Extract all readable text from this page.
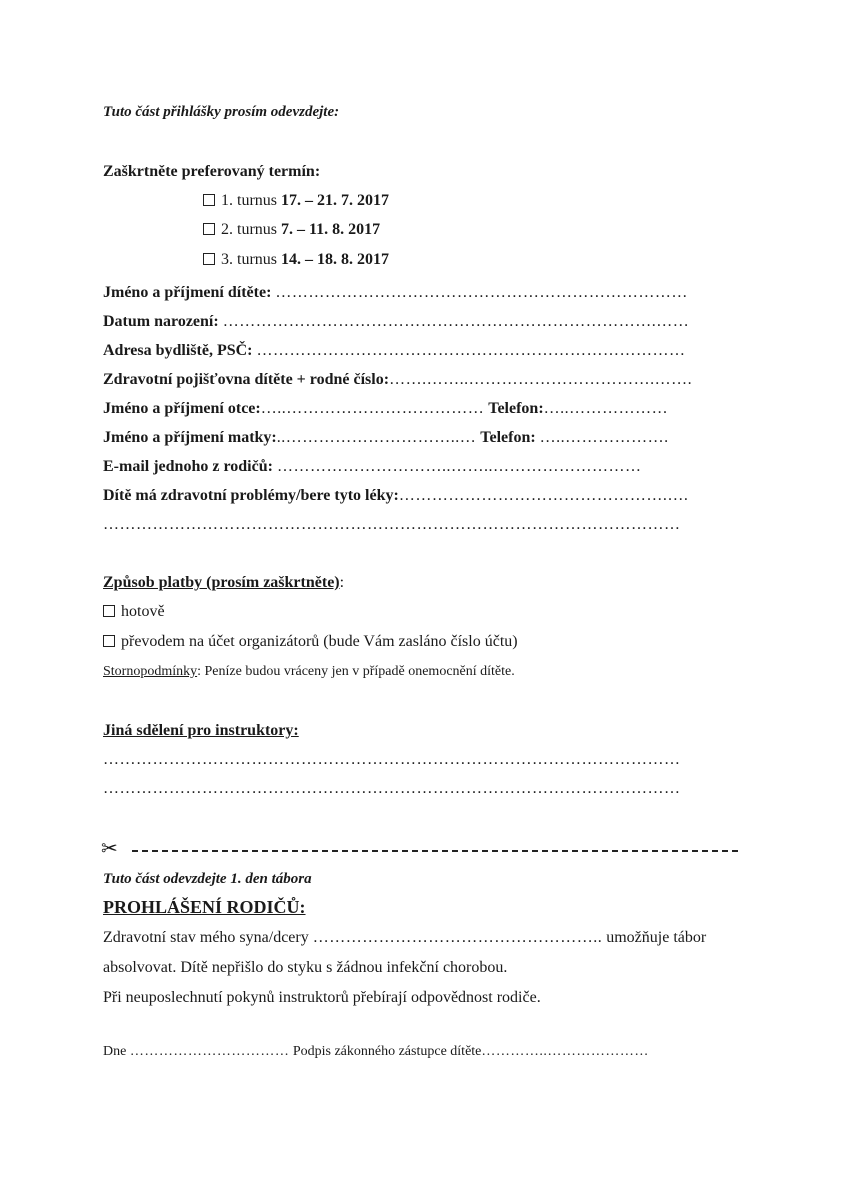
Tuto část přihlášky prosím odevzdejte:
Zaškrtněte preferovaný termín:
1. turnus 17. – 21. 7. 2017
2. turnus 7. – 11. 8. 2017
3. turnus 14. – 18. 8. 2017
Jméno a příjmení dítěte: …………………………………………………………………
Datum narození: …………………………………………………………………….……
Adresa bydliště, PSČ: ……………………………………………………………………
Zdravotní pojišťovna dítěte + rodné číslo:…….……..…………………………….…….
Jméno a příjmení otce:…..……………………………… Telefon:…..………………
Jméno a příjmení matky:..…………………………..… Telefon: …..……………….
E-mail jednoho z rodičů: …………………………..……..………………………
Dítě má zdravotní problémy/bere tyto léky:………………………………………….….
……………………………………………………………………………………………
Způsob platby (prosím zaškrtněte):
hotově
převodem na účet organizátorů (bude Vám zasláno číslo účtu)
Stornopodmínky: Peníze budou vráceny jen v případě onemocnění dítěte.
Jiná sdělení pro instruktory:
……………………………………………………………………………………………
……………………………………………………………………………………………
✂
Tuto část odevzdejte 1. den tábora
PROHLÁŠENÍ RODIČŮ:
Zdravotní stav mého syna/dcery …………………………………………….. umožňuje tábor
absolvovat. Dítě nepřišlo do styku s žádnou infekční chorobou.
Při neuposlechnutí pokynů instruktorů přebírají odpovědnost rodiče.
Dne …………………………… Podpis zákonného zástupce dítěte…………..…………………
